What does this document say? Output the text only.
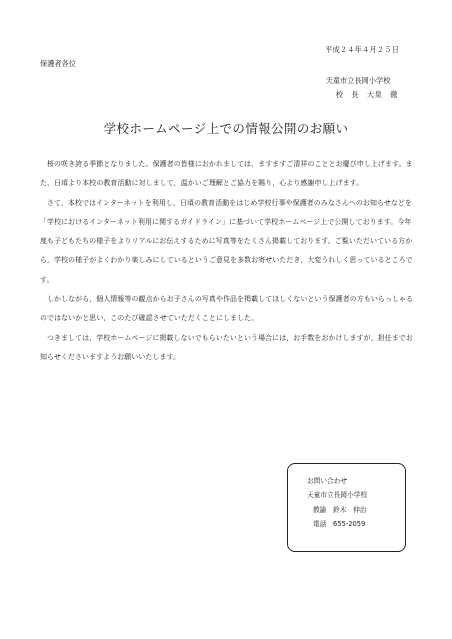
平成２４年４月２５日
保護者各位
天童市立長岡小学校
校　長　大泉　徹
学校ホームページ上での情報公開のお願い

桜の咲き誇る季節となりました。保護者の皆様におかれましては，ますますご清祥のこととお慶び申し上げます。また，日頃より本校の教育活動に対しまして，温かいご理解とご協力を賜り，心より感謝申し上げます。

さて，本校ではインターネットを利用し，日頃の教育活動をはじめ学校行事や保護者のみなさんへのお知らせなどを「学校におけるインターネット利用に関するガイドライン」に基づいて学校ホームページ上で公開しております。今年度も子どもたちの様子をよりリアルにお伝えするために写真等をたくさん掲載しております。ご覧いただいている方から，学校の様子がよくわかり楽しみにしているというご意見を多数お寄せいただき，大変うれしく思っているところです。

しかしながら，個人情報等の観点からお子さんの写真や作品を掲載してほしくないという保護者の方もいらっしゃるのではないかと思い，このたび確認させていただくことにしました。

つきましては，学校ホームページに掲載しないでもらいたいという場合には，お手数をおかけしますが，担任までお知らせくださいますようお願いいたします。

お問い合わせ
天童市立長岡小学校
教諭　鈴木　伸治
電話　655-2059
